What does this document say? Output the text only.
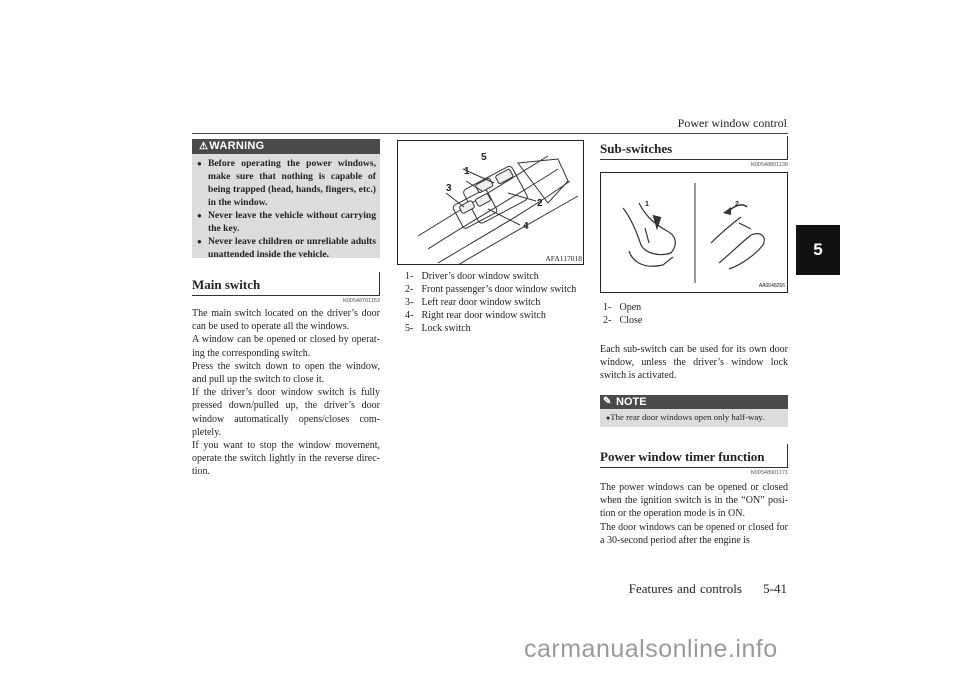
Power window control
5
⚠WARNING
● Before operating the power windows, make sure that nothing is capable of being trapped (head, hands, fingers, etc.) in the window.
● Never leave the vehicle without carrying the key.
● Never leave children or unreliable adults unattended inside the vehicle.
Main switch
N00548701153

The main switch located on the driver’s door can be used to operate all the windows.

A window can be opened or closed by operat-ing the corresponding switch.

Press the switch down to open the window, and pull up the switch to close it.

If the driver’s door window switch is fully pressed down/pulled up, the driver’s door window automatically opens/closes com-pletely.

If you want to stop the window movement, operate the switch lightly in the reverse direc-tion.

1
2
3
4
5
AFA117018
1- Driver’s door window switch
2- Front passenger’s door window switch
3- Left rear door window switch
4- Right rear door window switch
5- Lock switch
Sub-switches
N00548801138
1	2
AA0048266
1- Open
2- Close

Each sub-switch can be used for its own door window, unless the driver’s window lock switch is activated.

✎ NOTE
● The rear door windows open only half-way.
Power window timer function
N00548901171

The power windows can be opened or closed when the ignition switch is in the “ON” posi-tion or the operation mode is in ON.

The door windows can be opened or closed for a 30-second period after the engine is

Features and controls     5-41
carmanualsonline.info
